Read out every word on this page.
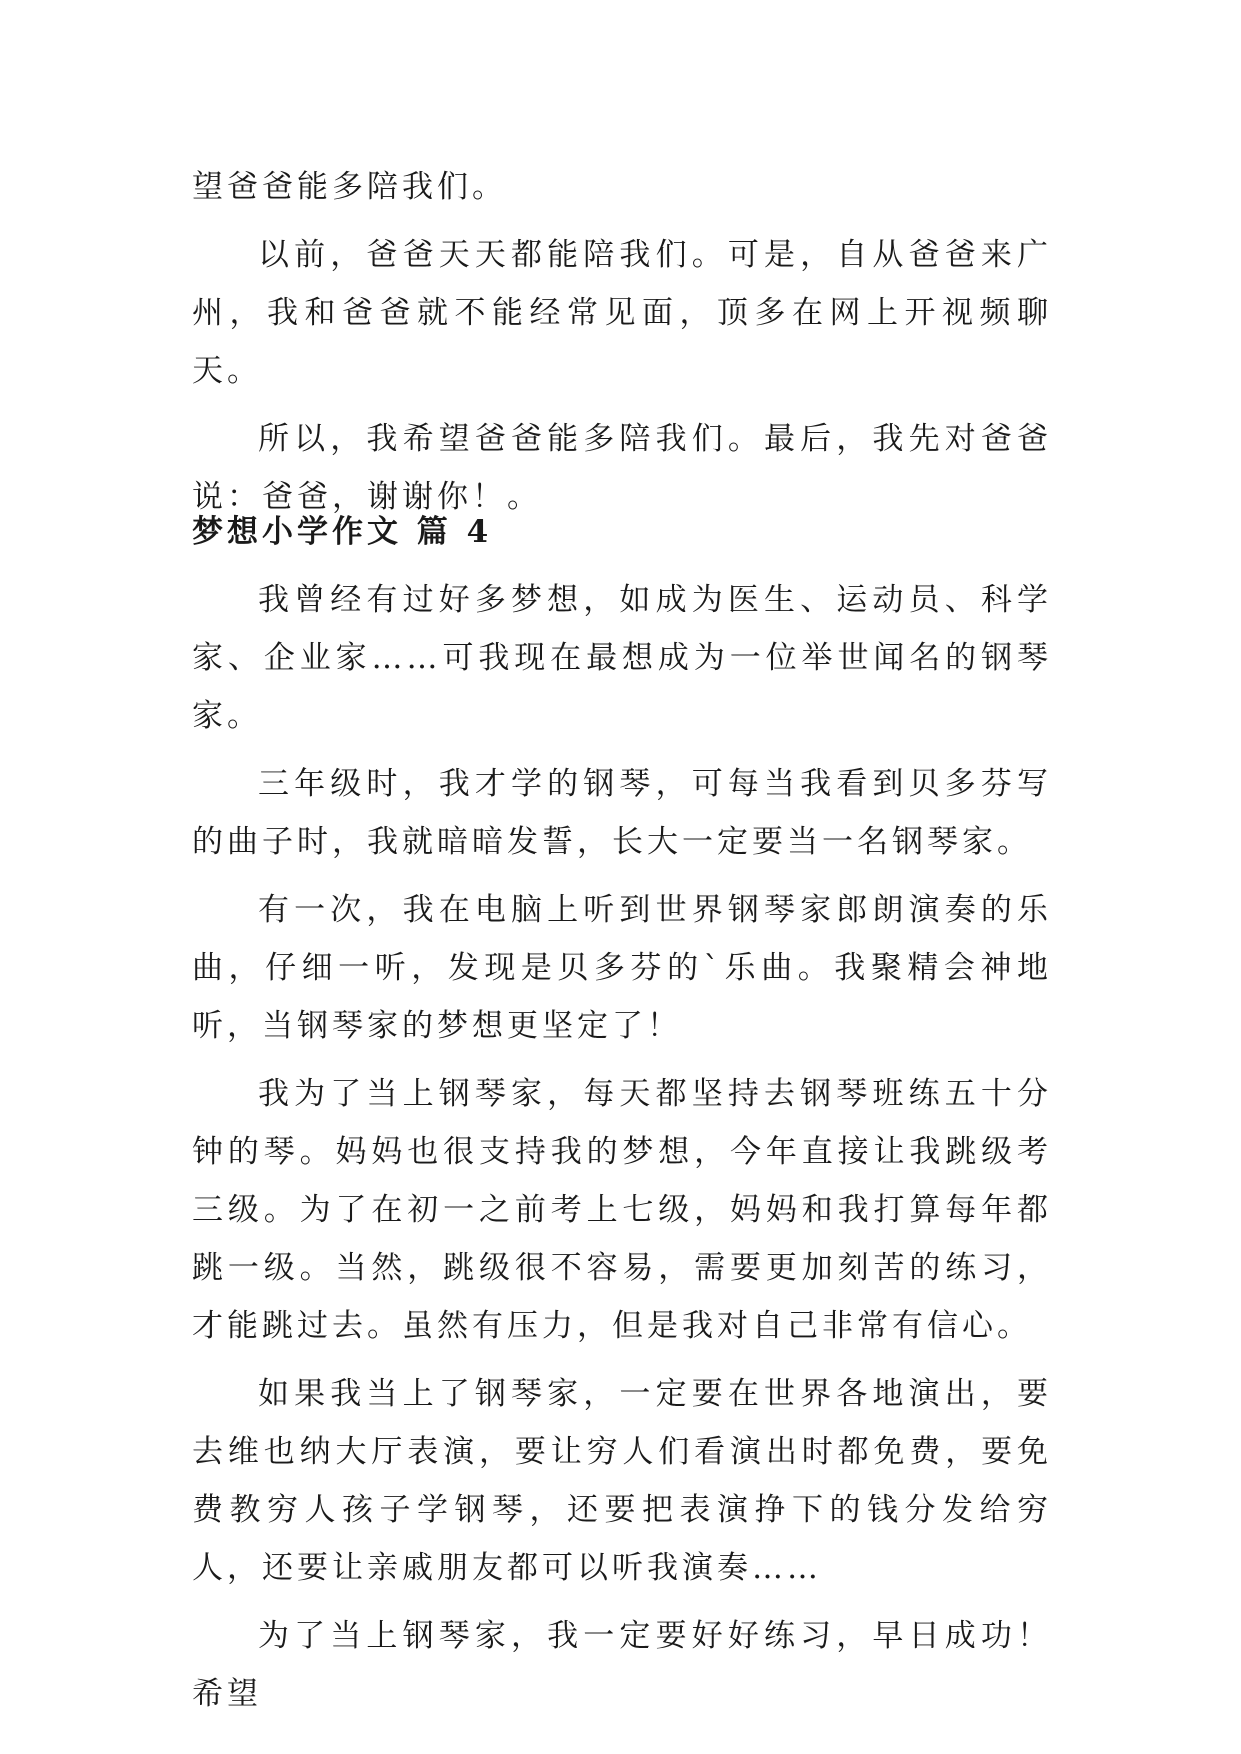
望爸爸能多陪我们。

以前，爸爸天天都能陪我们。可是，自从爸爸来广州，我和爸爸就不能经常见面，顶多在网上开视频聊天。

所以，我希望爸爸能多陪我们。最后，我先对爸爸说：爸爸，谢谢你！。

梦想小学作文 篇 4

我曾经有过好多梦想，如成为医生、运动员、科学家、企业家……可我现在最想成为一位举世闻名的钢琴家。

三年级时，我才学的钢琴，可每当我看到贝多芬写的曲子时，我就暗暗发誓，长大一定要当一名钢琴家。

有一次，我在电脑上听到世界钢琴家郎朗演奏的乐曲，仔细一听，发现是贝多芬的`乐曲。我聚精会神地听，当钢琴家的梦想更坚定了！

我为了当上钢琴家，每天都坚持去钢琴班练五十分钟的琴。妈妈也很支持我的梦想，今年直接让我跳级考三级。为了在初一之前考上七级，妈妈和我打算每年都跳一级。当然，跳级很不容易，需要更加刻苦的练习，才能跳过去。虽然有压力，但是我对自己非常有信心。

如果我当上了钢琴家，一定要在世界各地演出，要去维也纳大厅表演，要让穷人们看演出时都免费，要免费教穷人孩子学钢琴，还要把表演挣下的钱分发给穷人，还要让亲戚朋友都可以听我演奏……

为了当上钢琴家，我一定要好好练习，早日成功！希望
